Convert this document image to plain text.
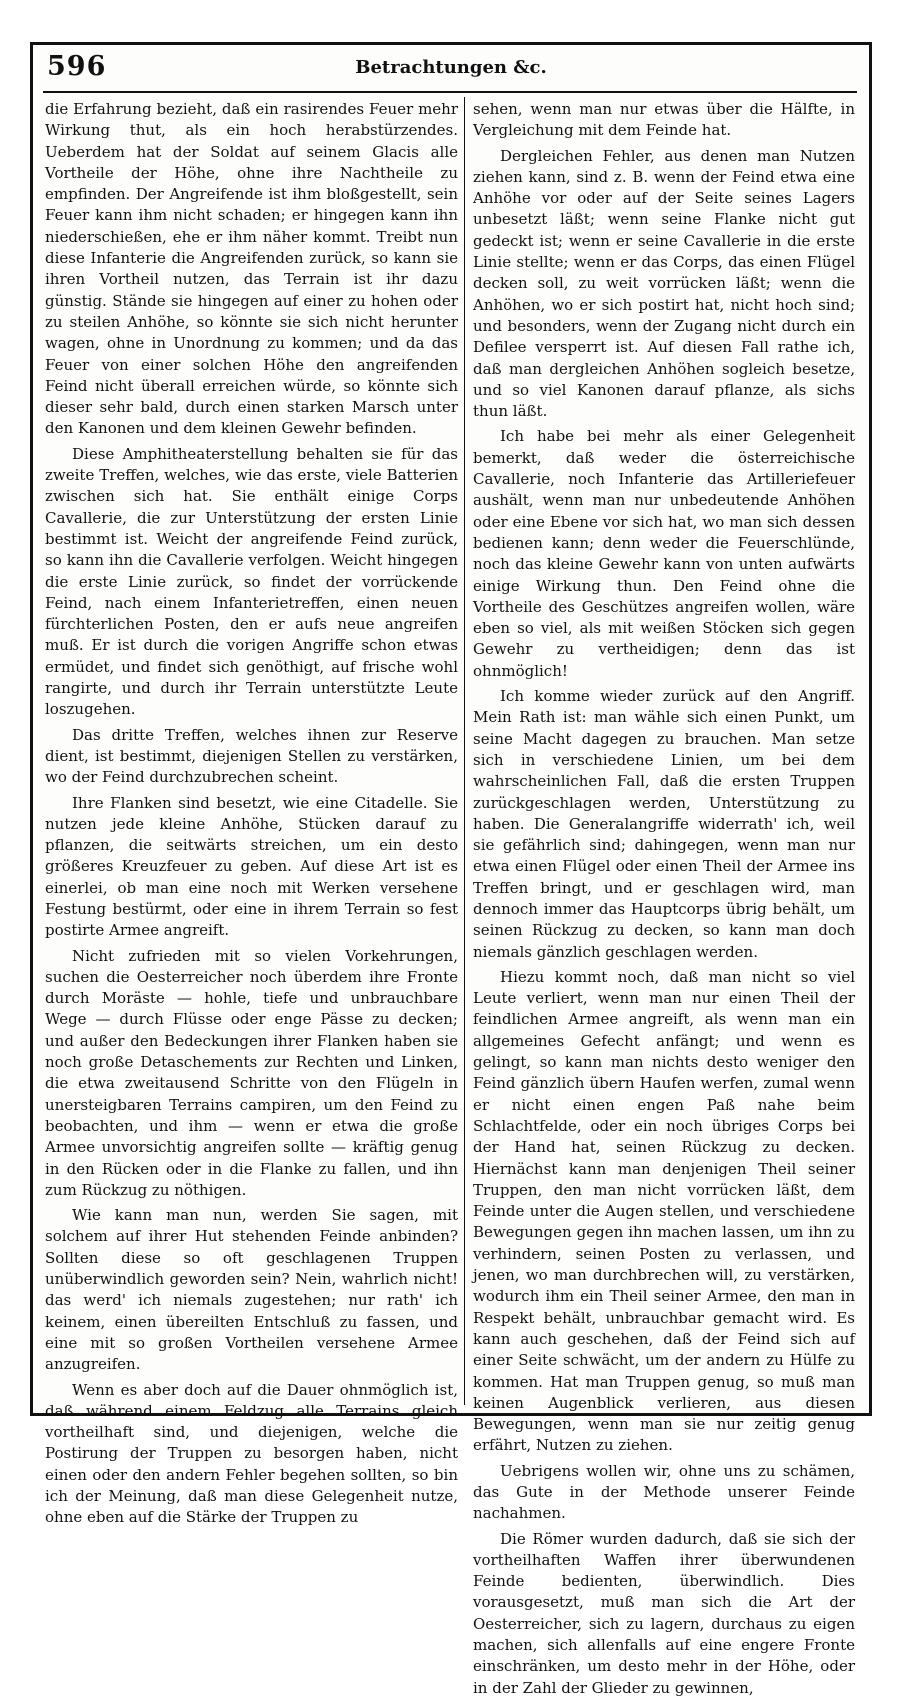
596	Betrachtungen &c.

die Erfahrung bezieht, daß ein rasirendes Feuer mehr Wirkung thut, als ein hoch herabstürzendes. Ueberdem hat der Soldat auf seinem Glacis alle Vortheile der Höhe, ohne ihre Nachtheile zu empfinden. Der Angreifende ist ihm bloßgestellt, sein Feuer kann ihm nicht schaden; er hingegen kann ihn niederschießen, ehe er ihm näher kommt. Treibt nun diese Infanterie die Angreifenden zurück, so kann sie ihren Vortheil nutzen, das Terrain ist ihr dazu günstig. Stände sie hingegen auf einer zu hohen oder zu steilen Anhöhe, so könnte sie sich nicht herunter wagen, ohne in Unordnung zu kommen; und da das Feuer von einer solchen Höhe den angreifenden Feind nicht überall erreichen würde, so könnte sich dieser sehr bald, durch einen starken Marsch unter den Kanonen und dem kleinen Gewehr befinden.

Diese Amphitheaterstellung behalten sie für das zweite Treffen, welches, wie das erste, viele Batterien zwischen sich hat. Sie enthält einige Corps Cavallerie, die zur Unterstützung der ersten Linie bestimmt ist. Weicht der angreifende Feind zurück, so kann ihn die Cavallerie verfolgen. Weicht hingegen die erste Linie zurück, so findet der vorrückende Feind, nach einem Infanterietreffen, einen neuen fürchterlichen Posten, den er aufs neue angreifen muß. Er ist durch die vorigen Angriffe schon etwas ermüdet, und findet sich genöthigt, auf frische wohl rangirte, und durch ihr Terrain unterstützte Leute loszugehen.

Das dritte Treffen, welches ihnen zur Reserve dient, ist bestimmt, diejenigen Stellen zu verstärken, wo der Feind durchzubrechen scheint.

Ihre Flanken sind besetzt, wie eine Citadelle. Sie nutzen jede kleine Anhöhe, Stücken darauf zu pflanzen, die seitwärts streichen, um ein desto größeres Kreuzfeuer zu geben. Auf diese Art ist es einerlei, ob man eine noch mit Werken versehene Festung bestürmt, oder eine in ihrem Terrain so fest postirte Armee angreift.

Nicht zufrieden mit so vielen Vorkehrungen, suchen die Oesterreicher noch überdem ihre Fronte durch Moräste — hohle, tiefe und unbrauchbare Wege — durch Flüsse oder enge Pässe zu decken; und außer den Bedeckungen ihrer Flanken haben sie noch große Detaschements zur Rechten und Linken, die etwa zweitausend Schritte von den Flügeln in unersteigbaren Terrains campiren, um den Feind zu beobachten, und ihm — wenn er etwa die große Armee unvorsichtig angreifen sollte — kräftig genug in den Rücken oder in die Flanke zu fallen, und ihn zum Rückzug zu nöthigen.

Wie kann man nun, werden Sie sagen, mit solchem auf ihrer Hut stehenden Feinde anbinden? Sollten diese so oft geschlagenen Truppen unüberwindlich geworden sein? Nein, wahrlich nicht! das werd' ich niemals zugestehen; nur rath' ich keinem, einen übereilten Entschluß zu fassen, und eine mit so großen Vortheilen versehene Armee anzugreifen.

Wenn es aber doch auf die Dauer ohnmöglich ist, daß während einem Feldzug alle Terrains gleich vortheilhaft sind, und diejenigen, welche die Postirung der Truppen zu besorgen haben, nicht einen oder den andern Fehler begehen sollten, so bin ich der Meinung, daß man diese Gelegenheit nutze, ohne eben auf die Stärke der Truppen zu

sehen, wenn man nur etwas über die Hälfte, in Vergleichung mit dem Feinde hat.

Dergleichen Fehler, aus denen man Nutzen ziehen kann, sind z. B. wenn der Feind etwa eine Anhöhe vor oder auf der Seite seines Lagers unbesetzt läßt; wenn seine Flanke nicht gut gedeckt ist; wenn er seine Cavallerie in die erste Linie stellte; wenn er das Corps, das einen Flügel decken soll, zu weit vorrücken läßt; wenn die Anhöhen, wo er sich postirt hat, nicht hoch sind; und besonders, wenn der Zugang nicht durch ein Defilee versperrt ist. Auf diesen Fall rathe ich, daß man dergleichen Anhöhen sogleich besetze, und so viel Kanonen darauf pflanze, als sichs thun läßt.

Ich habe bei mehr als einer Gelegenheit bemerkt, daß weder die österreichische Cavallerie, noch Infanterie das Artilleriefeuer aushält, wenn man nur unbedeutende Anhöhen oder eine Ebene vor sich hat, wo man sich dessen bedienen kann; denn weder die Feuerschlünde, noch das kleine Gewehr kann von unten aufwärts einige Wirkung thun. Den Feind ohne die Vortheile des Geschützes angreifen wollen, wäre eben so viel, als mit weißen Stöcken sich gegen Gewehr zu vertheidigen; denn das ist ohnmöglich!

Ich komme wieder zurück auf den Angriff. Mein Rath ist: man wähle sich einen Punkt, um seine Macht dagegen zu brauchen. Man setze sich in verschiedene Linien, um bei dem wahrscheinlichen Fall, daß die ersten Truppen zurückgeschlagen werden, Unterstützung zu haben. Die Generalangriffe widerrath' ich, weil sie gefährlich sind; dahingegen, wenn man nur etwa einen Flügel oder einen Theil der Armee ins Treffen bringt, und er geschlagen wird, man dennoch immer das Hauptcorps übrig behält, um seinen Rückzug zu decken, so kann man doch niemals gänzlich geschlagen werden.

Hiezu kommt noch, daß man nicht so viel Leute verliert, wenn man nur einen Theil der feindlichen Armee angreift, als wenn man ein allgemeines Gefecht anfängt; und wenn es gelingt, so kann man nichts desto weniger den Feind gänzlich übern Haufen werfen, zumal wenn er nicht einen engen Paß nahe beim Schlachtfelde, oder ein noch übriges Corps bei der Hand hat, seinen Rückzug zu decken. Hiernächst kann man denjenigen Theil seiner Truppen, den man nicht vorrücken läßt, dem Feinde unter die Augen stellen, und verschiedene Bewegungen gegen ihn machen lassen, um ihn zu verhindern, seinen Posten zu verlassen, und jenen, wo man durchbrechen will, zu verstärken, wodurch ihm ein Theil seiner Armee, den man in Respekt behält, unbrauchbar gemacht wird. Es kann auch geschehen, daß der Feind sich auf einer Seite schwächt, um der andern zu Hülfe zu kommen. Hat man Truppen genug, so muß man keinen Augenblick verlieren, aus diesen Bewegungen, wenn man sie nur zeitig genug erfährt, Nutzen zu ziehen.

Uebrigens wollen wir, ohne uns zu schämen, das Gute in der Methode unserer Feinde nachahmen.

Die Römer wurden dadurch, daß sie sich der vortheilhaften Waffen ihrer überwundenen Feinde bedienten, überwindlich. Dies vorausgesetzt, muß man sich die Art der Oesterreicher, sich zu lagern, durchaus zu eigen machen, sich allenfalls auf eine engere Fronte einschränken, um desto mehr in der Höhe, oder in der Zahl der Glieder zu gewinnen,
